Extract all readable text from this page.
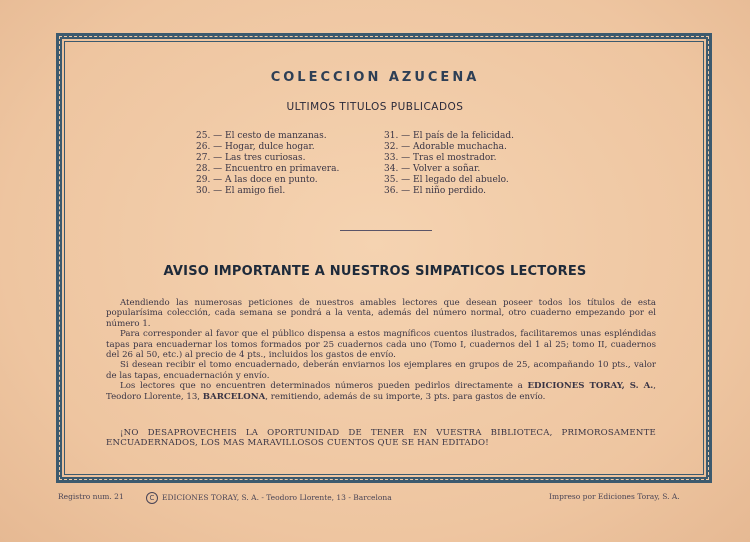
COLECCION AZUCENA
ULTIMOS TITULOS PUBLICADOS
25. — El cesto de manzanas.
26. — Hogar, dulce hogar.
27. — Las tres curiosas.
28. — Encuentro en primavera.
29. — A las doce en punto.
30. — El amigo fiel.
31. — El país de la felicidad.
32. — Adorable muchacha.
33. — Tras el mostrador.
34. — Volver a soñar.
35. — El legado del abuelo.
36. — El niño perdido.
AVISO IMPORTANTE A NUESTROS SIMPATICOS LECTORES

Atendiendo las numerosas peticiones de nuestros amables lectores que desean poseer todos los títulos de esta popularísima colección, cada semana se pondrá a la venta, además del número normal, otro cuaderno empezando por el número 1.

Para corresponder al favor que el público dispensa a estos magníficos cuentos ilustrados, facilitaremos unas espléndidas tapas para encuadernar los tomos formados por 25 cuadernos cada uno (Tomo I, cuadernos del 1 al 25; tomo II, cuadernos del 26 al 50, etc.) al precio de 4 pts., incluidos los gastos de envío.

Si desean recibir el tomo encuadernado, deberán enviarnos los ejemplares en grupos de 25, acompañando 10 pts., valor de las tapas, encuadernación y envío.

Los lectores que no encuentren determinados números pueden pedirlos directamente a EDICIONES TORAY, S. A., Teodoro Llorente, 13, BARCELONA, remitiendo, además de su importe, 3 pts. para gastos de envío.

¡NO DESAPROVECHEIS LA OPORTUNIDAD DE TENER EN VUESTRA BIBLIOTECA, PRIMOROSAMENTE ENCUADERNADOS, LOS MAS MARAVILLOSOS CUENTOS QUE SE HAN EDITADO!
Registro num. 21	C EDICIONES TORAY, S. A. - Teodoro Llorente, 13 - Barcelona	Impreso por Ediciones Toray, S. A.
